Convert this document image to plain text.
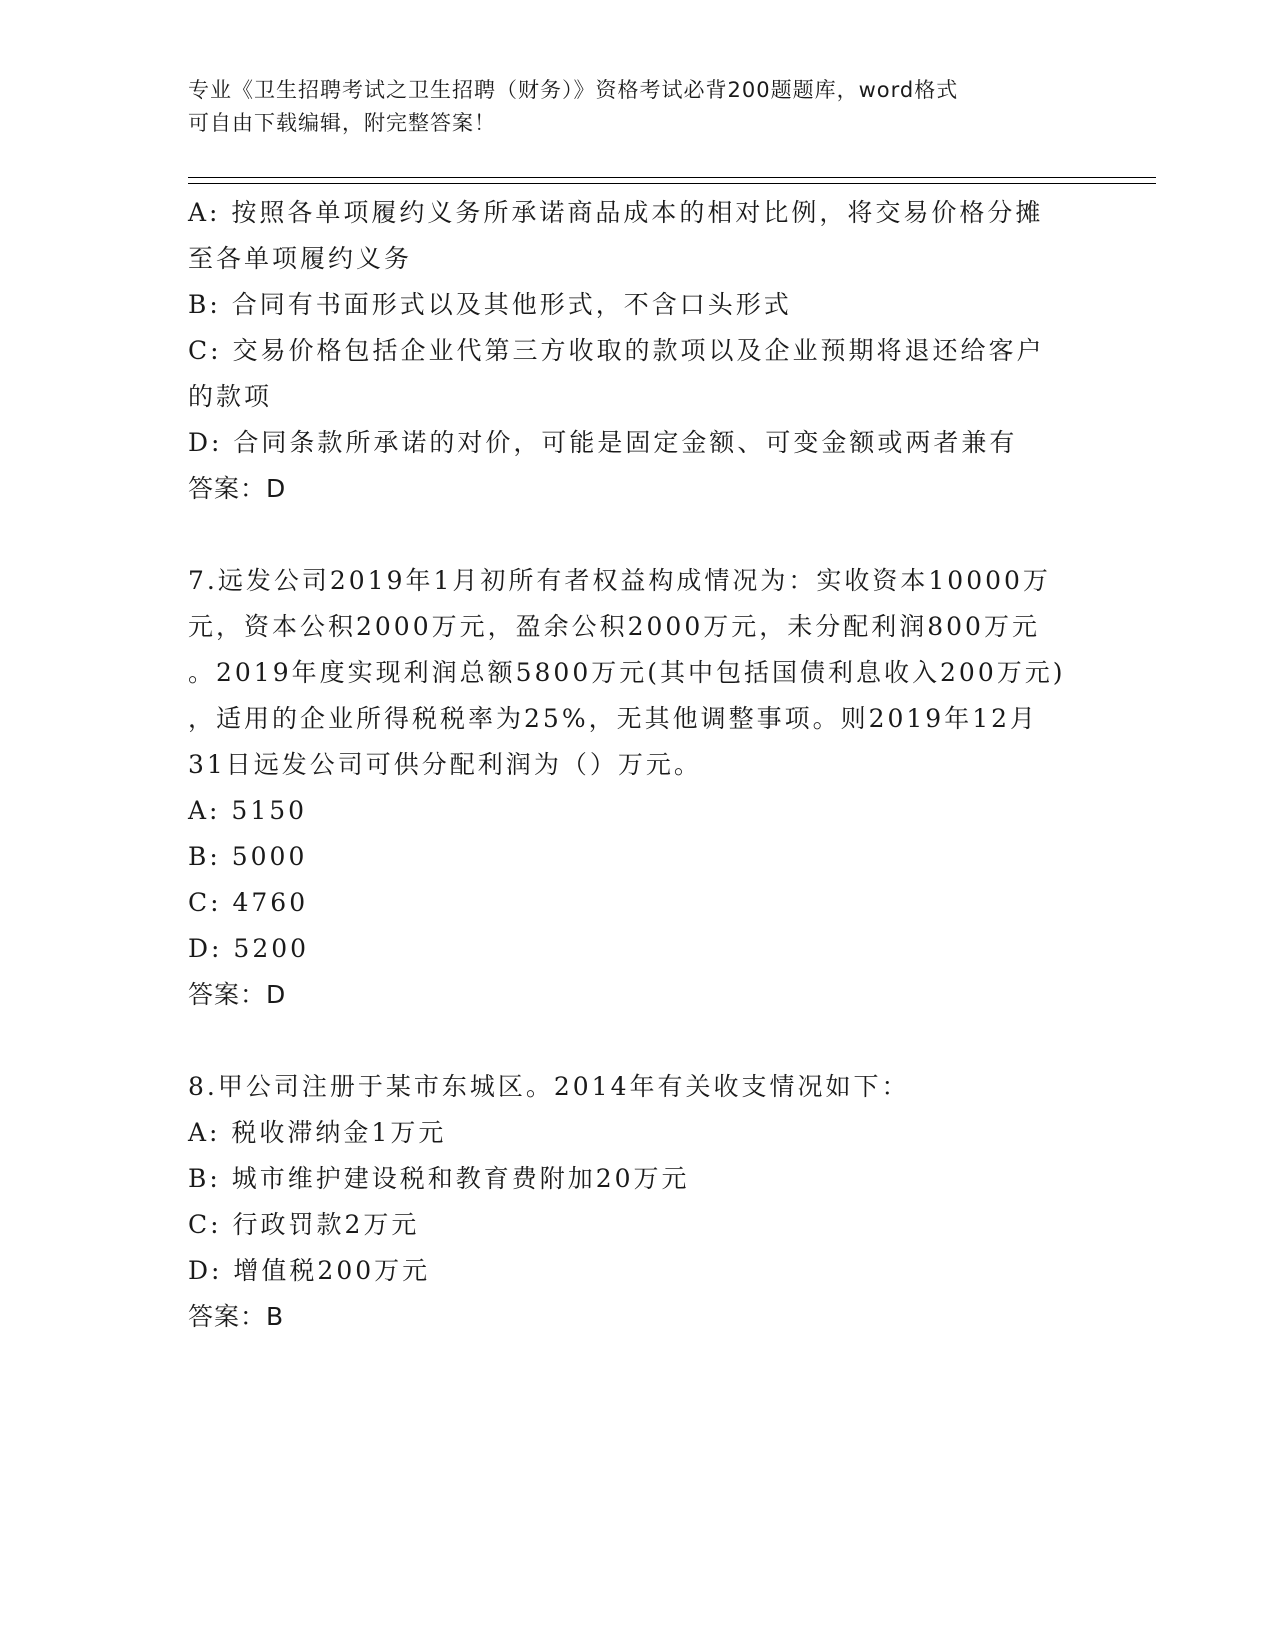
专业《卫生招聘考试之卫生招聘（财务）》资格考试必背200题题库，word格式
可自由下载编辑，附完整答案！
A: 按照各单项履约义务所承诺商品成本的相对比例，将交易价格分摊
至各单项履约义务
B: 合同有书面形式以及其他形式，不含口头形式
C: 交易价格包括企业代第三方收取的款项以及企业预期将退还给客户
的款项
D: 合同条款所承诺的对价，可能是固定金额、可变金额或两者兼有
答案：D
7.远发公司2019年1月初所有者权益构成情况为：实收资本10000万
元，资本公积2000万元，盈余公积2000万元，未分配利润800万元
。2019年度实现利润总额5800万元(其中包括国债利息收入200万元)
，适用的企业所得税税率为25%，无其他调整事项。则2019年12月
31日远发公司可供分配利润为（）万元。
A: 5150
B: 5000
C: 4760
D: 5200
答案：D
8.甲公司注册于某市东城区。2014年有关收支情况如下：
A: 税收滞纳金1万元
B: 城市维护建设税和教育费附加20万元
C: 行政罚款2万元
D: 增值税200万元
答案：B
